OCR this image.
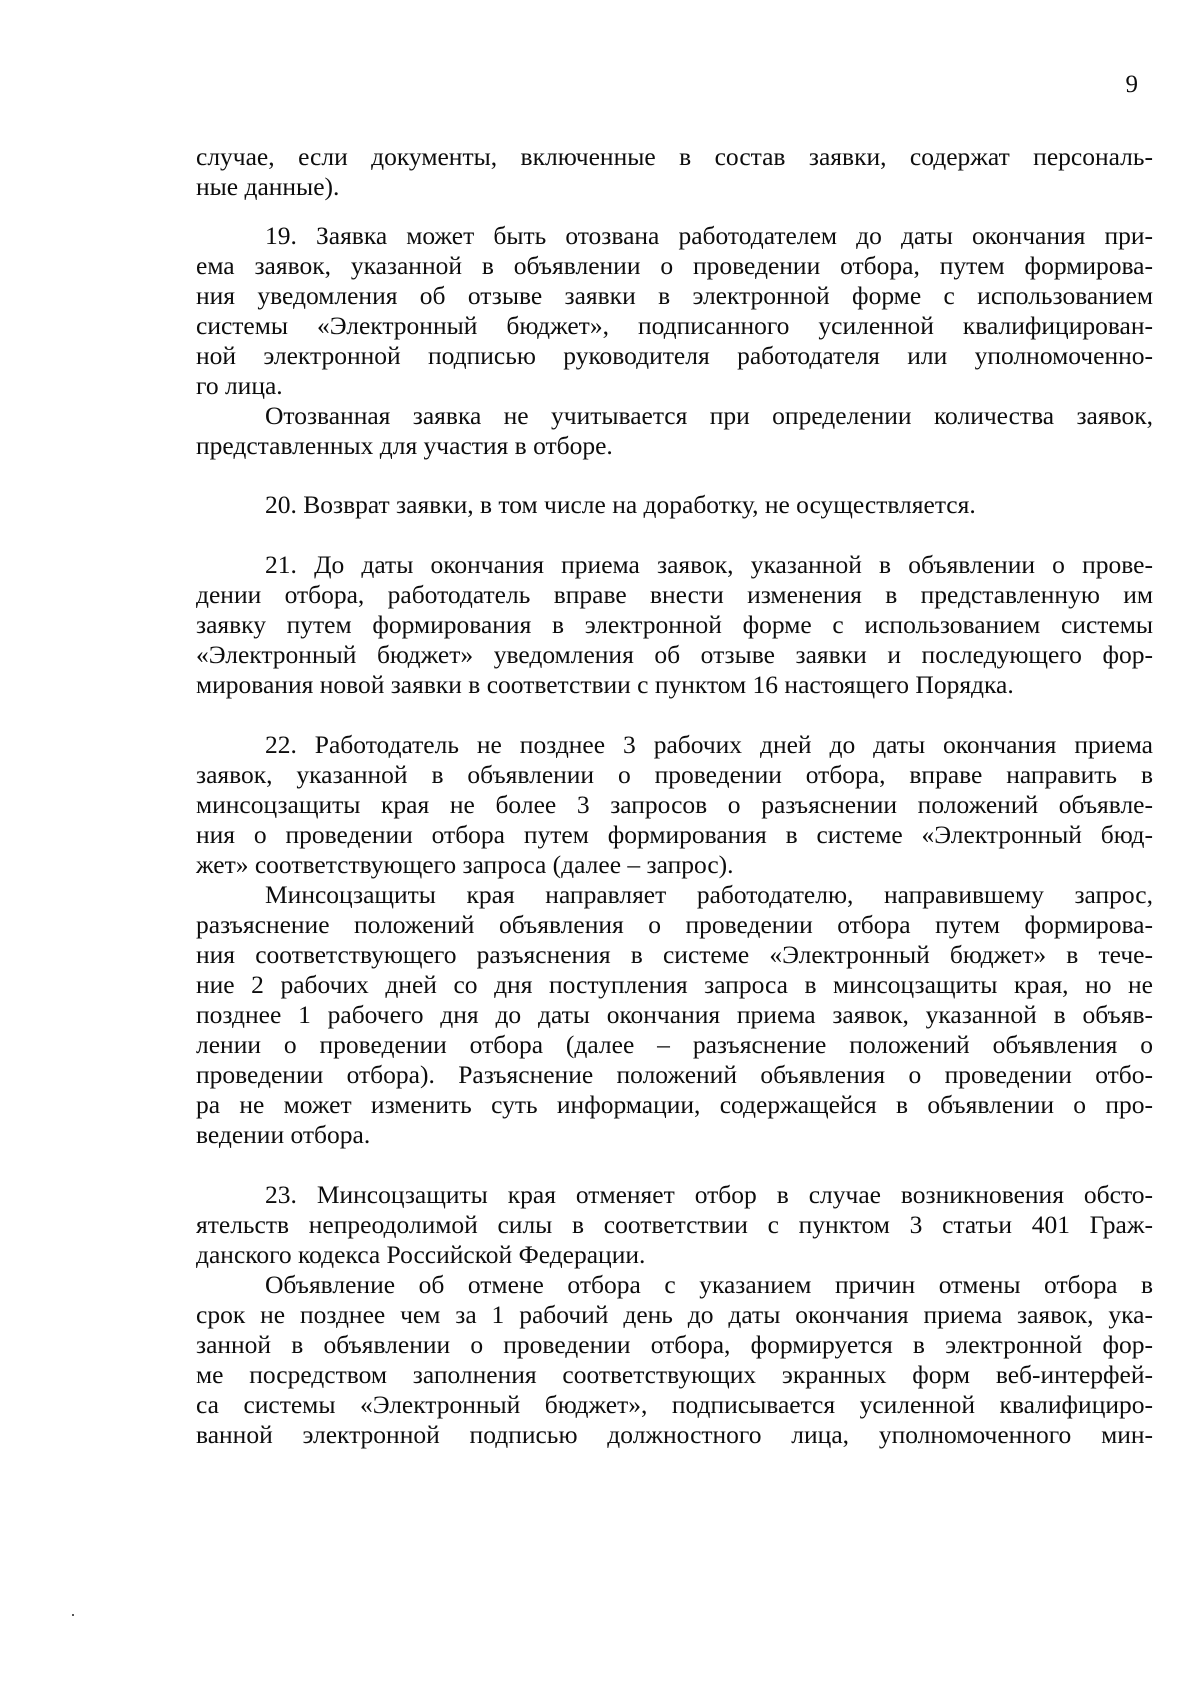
9
случае, если документы, включенные в состав заявки, содержат персональ-
ные данные).
19. Заявка может быть отозвана работодателем до даты окончания при-
ема заявок, указанной в объявлении о проведении отбора, путем формирова-
ния уведомления об отзыве заявки в электронной форме с использованием
системы «Электронный бюджет», подписанного усиленной квалифицирован-
ной электронной подписью руководителя работодателя или уполномоченно-
го лица.
Отозванная заявка не учитывается при определении количества заявок,
представленных для участия в отборе.
20. Возврат заявки, в том числе на доработку, не осуществляется.
21. До даты окончания приема заявок, указанной в объявлении о прове-
дении отбора, работодатель вправе внести изменения в представленную им
заявку путем формирования в электронной форме с использованием системы
«Электронный бюджет» уведомления об отзыве заявки и последующего фор-
мирования новой заявки в соответствии с пунктом 16 настоящего Порядка.
22. Работодатель не позднее 3 рабочих дней до даты окончания приема
заявок, указанной в объявлении о проведении отбора, вправе направить в
минсоцзащиты края не более 3 запросов о разъяснении положений объявле-
ния о проведении отбора путем формирования в системе «Электронный бюд-
жет» соответствующего запроса (далее – запрос).
Минсоцзащиты края направляет работодателю, направившему запрос,
разъяснение положений объявления о проведении отбора путем формирова-
ния соответствующего разъяснения в системе «Электронный бюджет» в тече-
ние 2 рабочих дней со дня поступления запроса в минсоцзащиты края, но не
позднее 1 рабочего дня до даты окончания приема заявок, указанной в объяв-
лении о проведении отбора (далее – разъяснение положений объявления о
проведении отбора). Разъяснение положений объявления о проведении отбо-
ра не может изменить суть информации, содержащейся в объявлении о про-
ведении отбора.
23. Минсоцзащиты края отменяет отбор в случае возникновения обсто-
ятельств непреодолимой силы в соответствии с пунктом 3 статьи 401 Граж-
данского кодекса Российской Федерации.
Объявление об отмене отбора с указанием причин отмены отбора в
срок не позднее чем за 1 рабочий день до даты окончания приема заявок, ука-
занной в объявлении о проведении отбора, формируется в электронной фор-
ме посредством заполнения соответствующих экранных форм веб-интерфей-
са системы «Электронный бюджет», подписывается усиленной квалифициро-
ванной электронной подписью должностного лица, уполномоченного мин-
